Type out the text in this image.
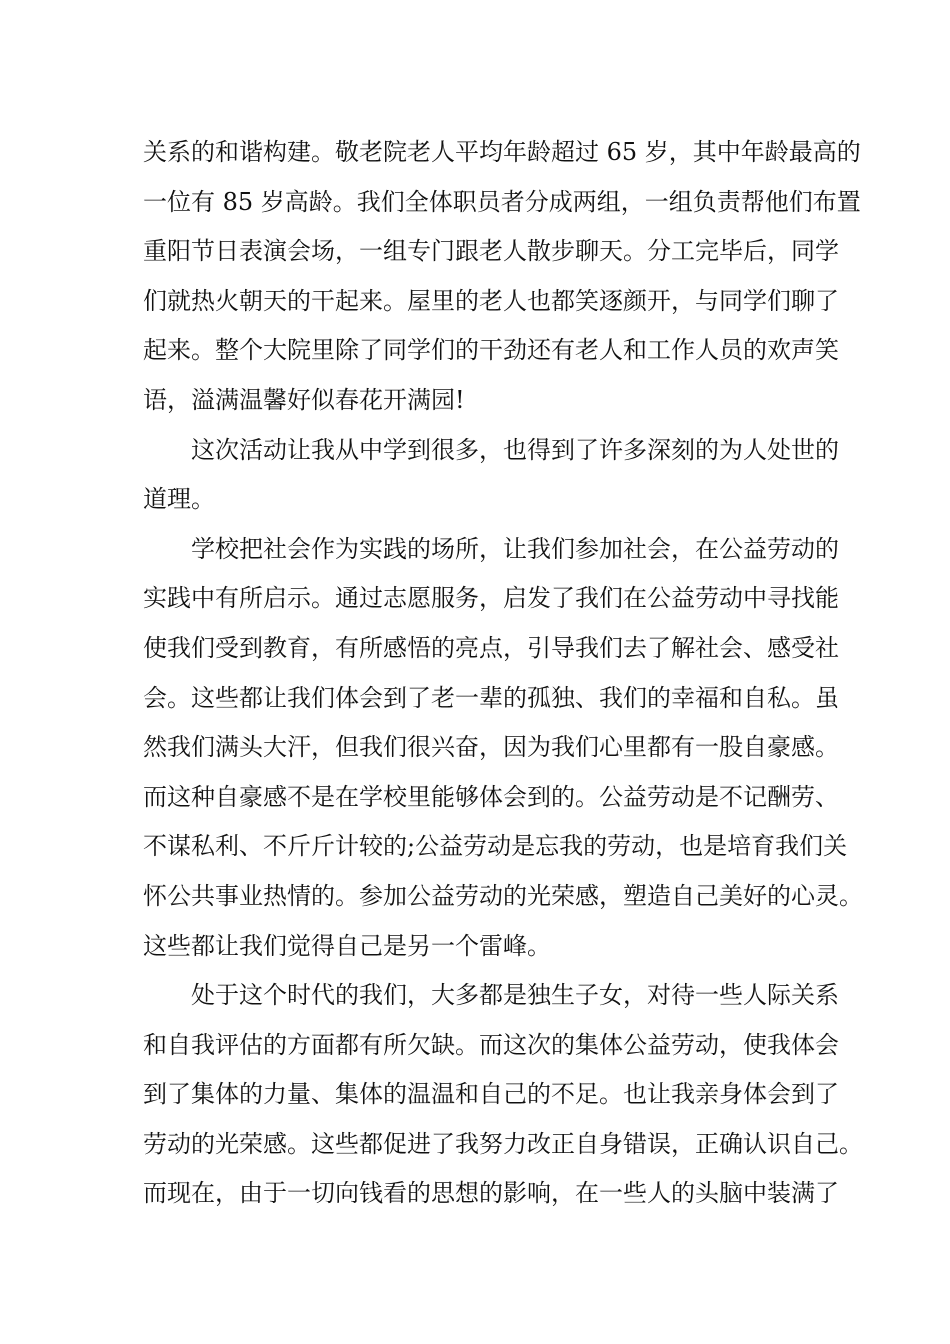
关系的和谐构建。敬老院老人平均年龄超过 65 岁，其中年龄最高的
一位有 85 岁高龄。我们全体职员者分成两组，一组负责帮他们布置
重阳节日表演会场，一组专门跟老人散步聊天。分工完毕后，同学
们就热火朝天的干起来。屋里的老人也都笑逐颜开，与同学们聊了
起来。整个大院里除了同学们的干劲还有老人和工作人员的欢声笑
语，溢满温馨好似春花开满园!
这次活动让我从中学到很多，也得到了许多深刻的为人处世的
道理。
学校把社会作为实践的场所，让我们参加社会，在公益劳动的
实践中有所启示。通过志愿服务，启发了我们在公益劳动中寻找能
使我们受到教育，有所感悟的亮点，引导我们去了解社会、感受社
会。这些都让我们体会到了老一辈的孤独、我们的幸福和自私。虽
然我们满头大汗，但我们很兴奋，因为我们心里都有一股自豪感。
而这种自豪感不是在学校里能够体会到的。公益劳动是不记酬劳、
不谋私利、不斤斤计较的;公益劳动是忘我的劳动，也是培育我们关
怀公共事业热情的。参加公益劳动的光荣感，塑造自己美好的心灵。
这些都让我们觉得自己是另一个雷峰。
处于这个时代的我们，大多都是独生子女，对待一些人际关系
和自我评估的方面都有所欠缺。而这次的集体公益劳动，使我体会
到了集体的力量、集体的温温和自己的不足。也让我亲身体会到了
劳动的光荣感。这些都促进了我努力改正自身错误，正确认识自己。
而现在，由于一切向钱看的思想的影响，在一些人的头脑中装满了
